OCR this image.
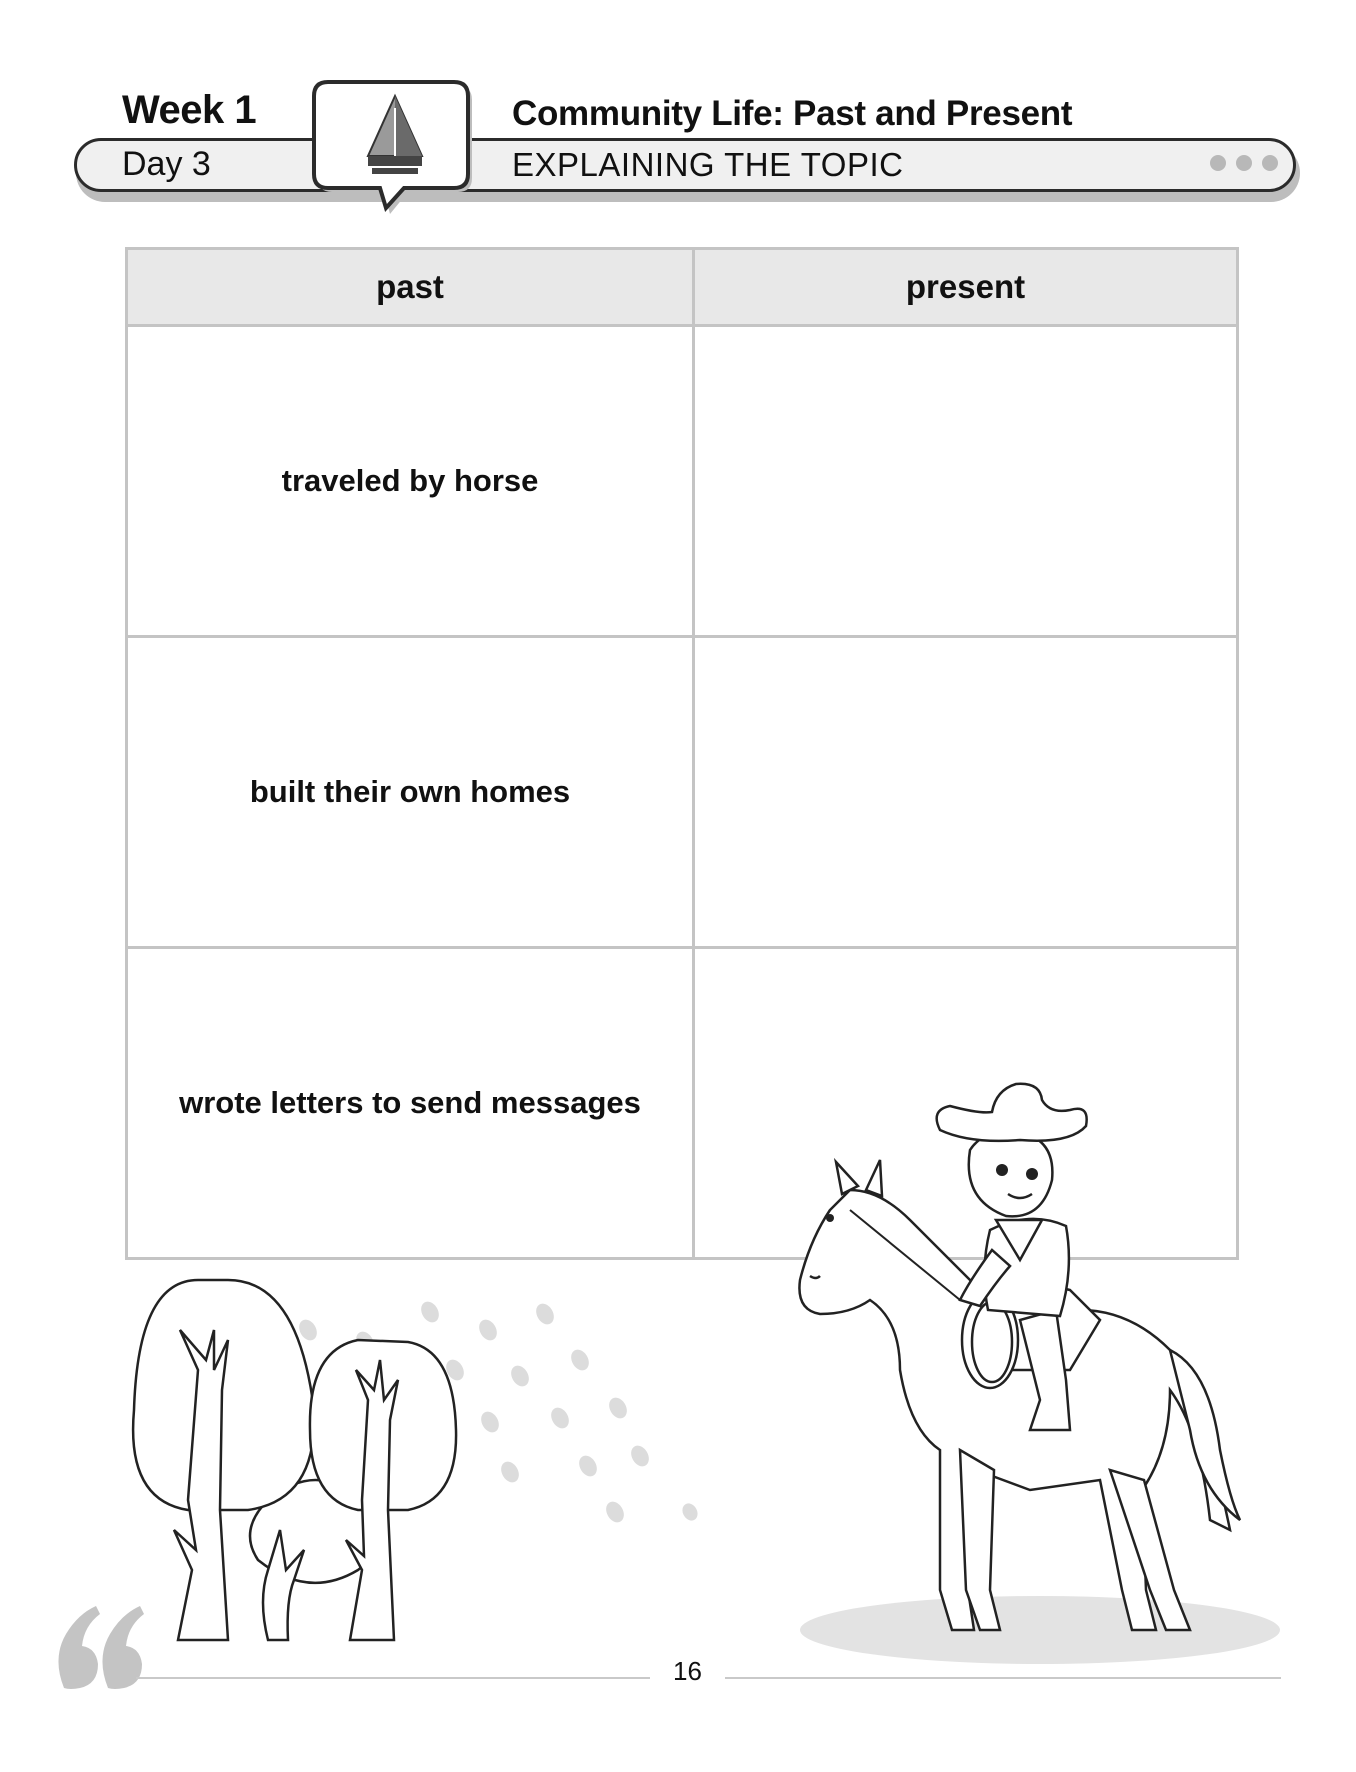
Week 1	Community Life: Past and Present
Day 3	EXPLAINING THE TOPIC
past	present
traveled by horse	
built their own homes	
wrote letters to send messages	
16
